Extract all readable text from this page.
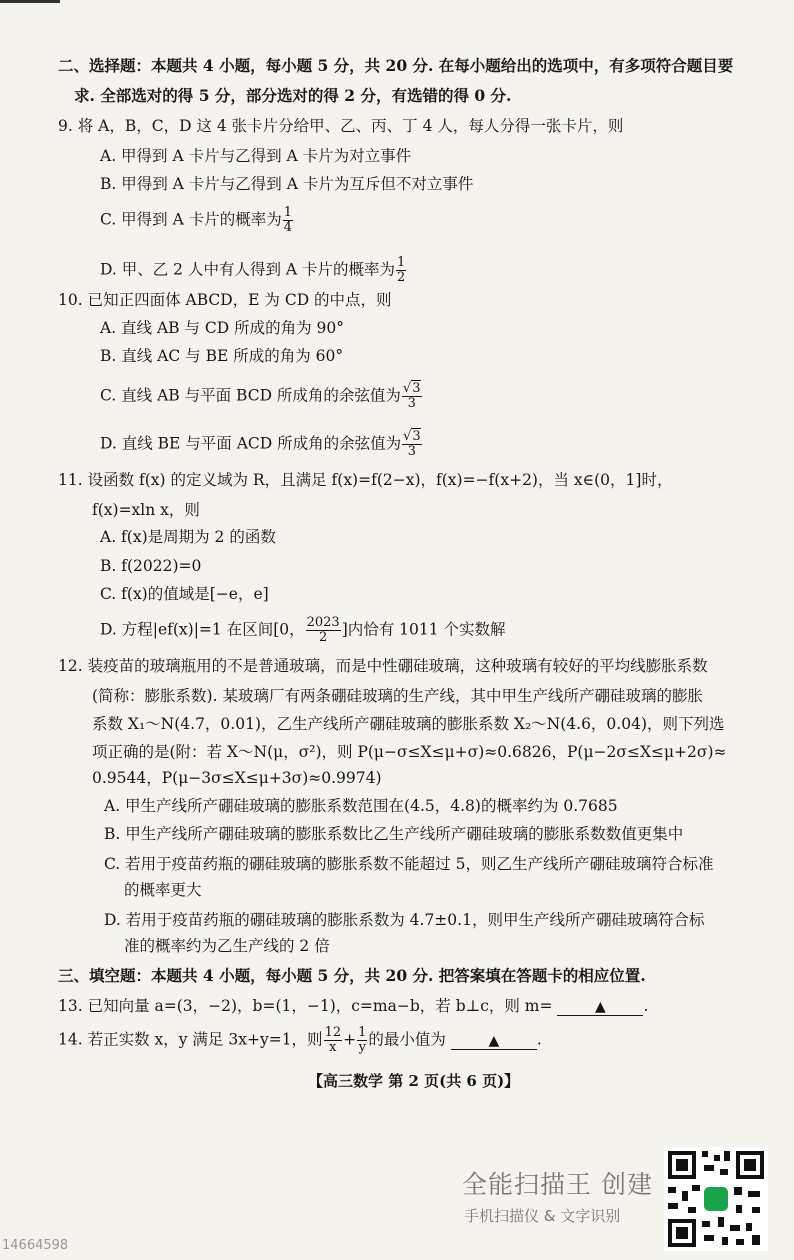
二、选择题：本题共 4 小题，每小题 5 分，共 20 分. 在每小题给出的选项中，有多项符合题目要
求. 全部选对的得 5 分，部分选对的得 2 分，有选错的得 0 分.
9. 将 A，B，C，D 这 4 张卡片分给甲、乙、丙、丁 4 人，每人分得一张卡片，则
A. 甲得到 A 卡片与乙得到 A 卡片为对立事件
B. 甲得到 A 卡片与乙得到 A 卡片为互斥但不对立事件
C. 甲得到 A 卡片的概率为 $\frac{1}{4}$
D. 甲、乙 2 人中有人得到 A 卡片的概率为 $\frac{1}{2}$
10. 已知正四面体 ABCD，E 为 CD 的中点，则
A. 直线 AB 与 CD 所成的角为 90°
B. 直线 AC 与 BE 所成的角为 60°
C. 直线 AB 与平面 BCD 所成角的余弦值为 $\frac{√3}{3}$
D. 直线 BE 与平面 ACD 所成角的余弦值为 $\frac{√3}{3}$
11. 设函数 f(x) 的定义域为 R，且满足 f(x)=f(2−x)，f(x)=−f(x+2)，当 x∈(0，1]时，
f(x)=xln x，则
A. f(x)是周期为 2 的函数
B. f(2022)=0
C. f(x)的值域是[−e，e]
D. 方程|ef(x)|=1 在区间[0， $\frac{2023}{2}$ ]内恰有 1011 个实数解
12. 装疫苗的玻璃瓶用的不是普通玻璃，而是中性硼硅玻璃，这种玻璃有较好的平均线膨胀系数
(简称：膨胀系数). 某玻璃厂有两条硼硅玻璃的生产线，其中甲生产线所产硼硅玻璃的膨胀
系数 X₁～N(4.7，0.01)，乙生产线所产硼硅玻璃的膨胀系数 X₂～N(4.6，0.04)，则下列选
项正确的是(附：若 X～N(μ，σ²)，则 P(μ−σ≤X≤μ+σ)≈0.6826，P(μ−2σ≤X≤μ+2σ)≈
0.9544，P(μ−3σ≤X≤μ+3σ)≈0.9974)
A. 甲生产线所产硼硅玻璃的膨胀系数范围在(4.5，4.8)的概率约为 0.7685
B. 甲生产线所产硼硅玻璃的膨胀系数比乙生产线所产硼硅玻璃的膨胀系数数值更集中
C. 若用于疫苗药瓶的硼硅玻璃的膨胀系数不能超过 5，则乙生产线所产硼硅玻璃符合标准
的概率更大
D. 若用于疫苗药瓶的硼硅玻璃的膨胀系数为 4.7±0.1，则甲生产线所产硼硅玻璃符合标
准的概率约为乙生产线的 2 倍
三、填空题：本题共 4 小题，每小题 5 分，共 20 分. 把答案填在答题卡的相应位置.
13. 已知向量 a=(3，−2)，b=(1，−1)，c=ma−b，若 b⊥c，则 m=	▲ .
14. 若正实数 x，y 满足 3x+y=1，则 $\frac{12}{x} + \frac{1}{y}$ 的最小值为	▲ .
【高三数学 第 2 页(共 6 页)】
全能扫描王 创建
手机扫描仪 & 文字识别
14664598
